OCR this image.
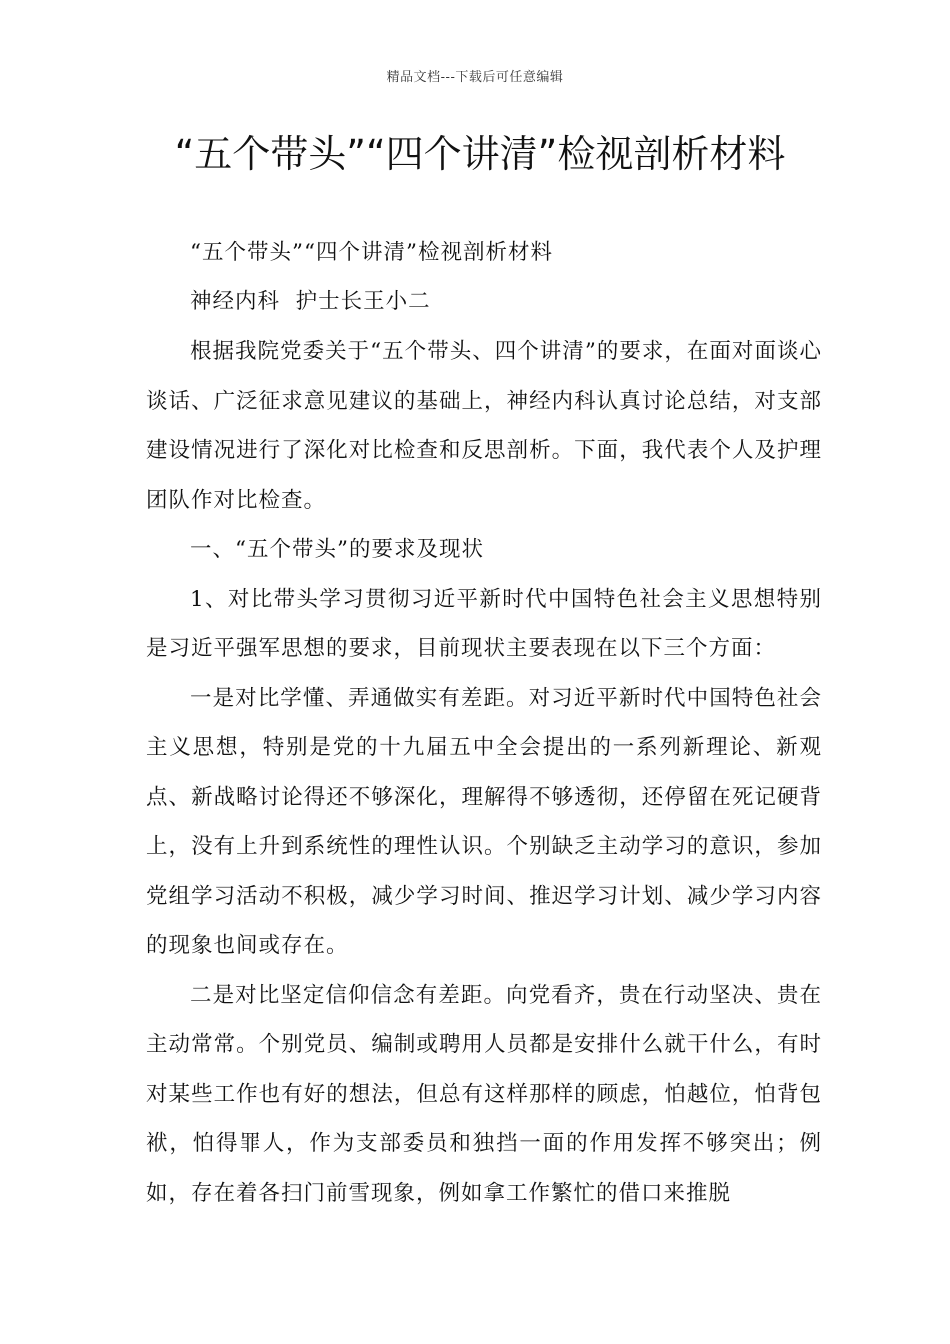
精品文档---下载后可任意编辑
“五个带头”“四个讲清”检视剖析材料

“五个带头”“四个讲清”检视剖析材料

神经内科  护士长王小二

根据我院党委关于“五个带头、四个讲清”的要求，在面对面谈心谈话、广泛征求意见建议的基础上，神经内科认真讨论总结，对支部建设情况进行了深化对比检查和反思剖析。下面，我代表个人及护理团队作对比检查。

一、“五个带头”的要求及现状

1、对比带头学习贯彻习近平新时代中国特色社会主义思想特别是习近平强军思想的要求，目前现状主要表现在以下三个方面：

一是对比学懂、弄通做实有差距。对习近平新时代中国特色社会主义思想，特别是党的十九届五中全会提出的一系列新理论、新观点、新战略讨论得还不够深化，理解得不够透彻，还停留在死记硬背上，没有上升到系统性的理性认识。个别缺乏主动学习的意识，参加党组学习活动不积极，减少学习时间、推迟学习计划、减少学习内容的现象也间或存在。

二是对比坚定信仰信念有差距。向党看齐，贵在行动坚决、贵在主动常常。个别党员、编制或聘用人员都是安排什么就干什么，有时对某些工作也有好的想法，但总有这样那样的顾虑，怕越位，怕背包袱，怕得罪人，作为支部委员和独挡一面的作用发挥不够突出；例如，存在着各扫门前雪现象，例如拿工作繁忙的借口来推脱
